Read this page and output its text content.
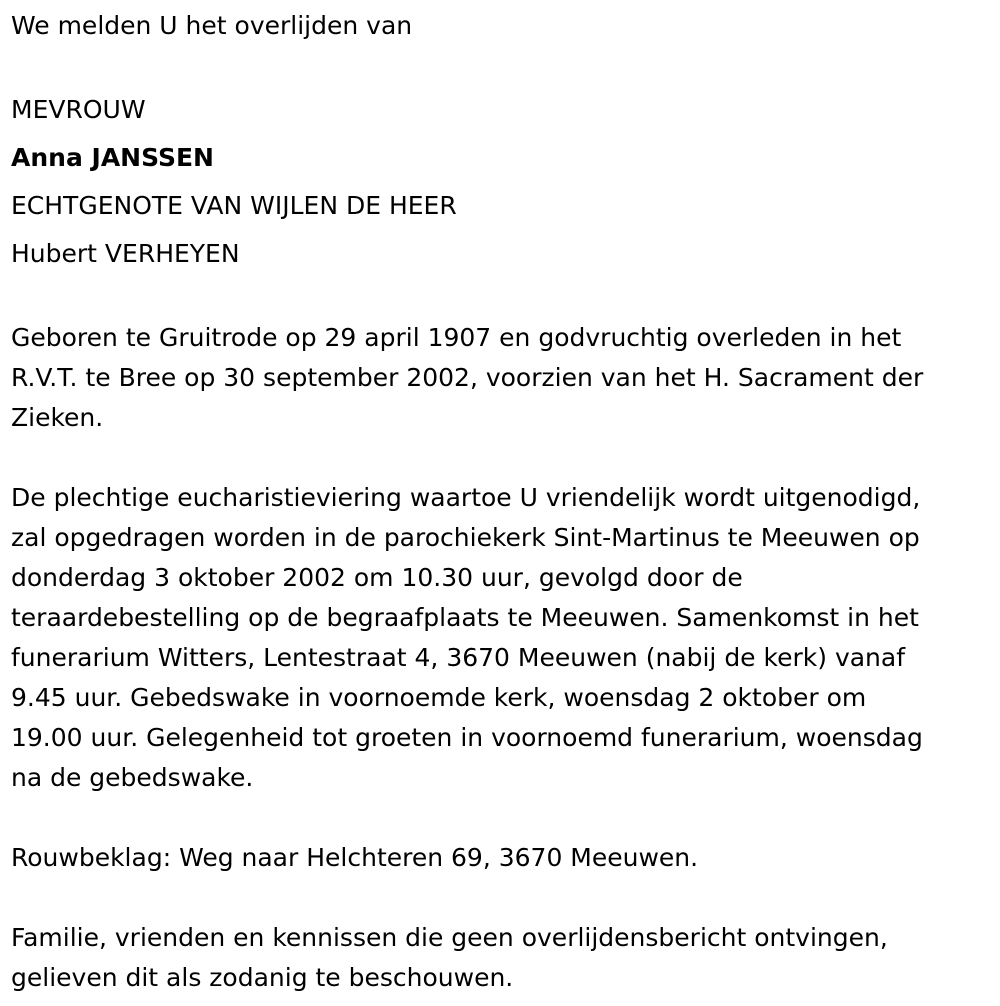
We melden U het overlijden van
MEVROUW
Anna JANSSEN
ECHTGENOTE VAN WIJLEN DE HEER
Hubert VERHEYEN
Geboren te Gruitrode op 29 april 1907 en godvruchtig overleden in het
R.V.T. te Bree op 30 september 2002, voorzien van het H. Sacrament der
Zieken.
De plechtige eucharistieviering waartoe U vriendelijk wordt uitgenodigd,
zal opgedragen worden in de parochiekerk Sint-Martinus te Meeuwen op
donderdag 3 oktober 2002 om 10.30 uur, gevolgd door de
teraardebestelling op de begraafplaats te Meeuwen. Samenkomst in het
funerarium Witters, Lentestraat 4, 3670 Meeuwen (nabij de kerk) vanaf
9.45 uur. Gebedswake in voornoemde kerk, woensdag 2 oktober om
19.00 uur. Gelegenheid tot groeten in voornoemd funerarium, woensdag
na de gebedswake.
Rouwbeklag: Weg naar Helchteren 69, 3670 Meeuwen.
Familie, vrienden en kennissen die geen overlijdensbericht ontvingen,
gelieven dit als zodanig te beschouwen.
